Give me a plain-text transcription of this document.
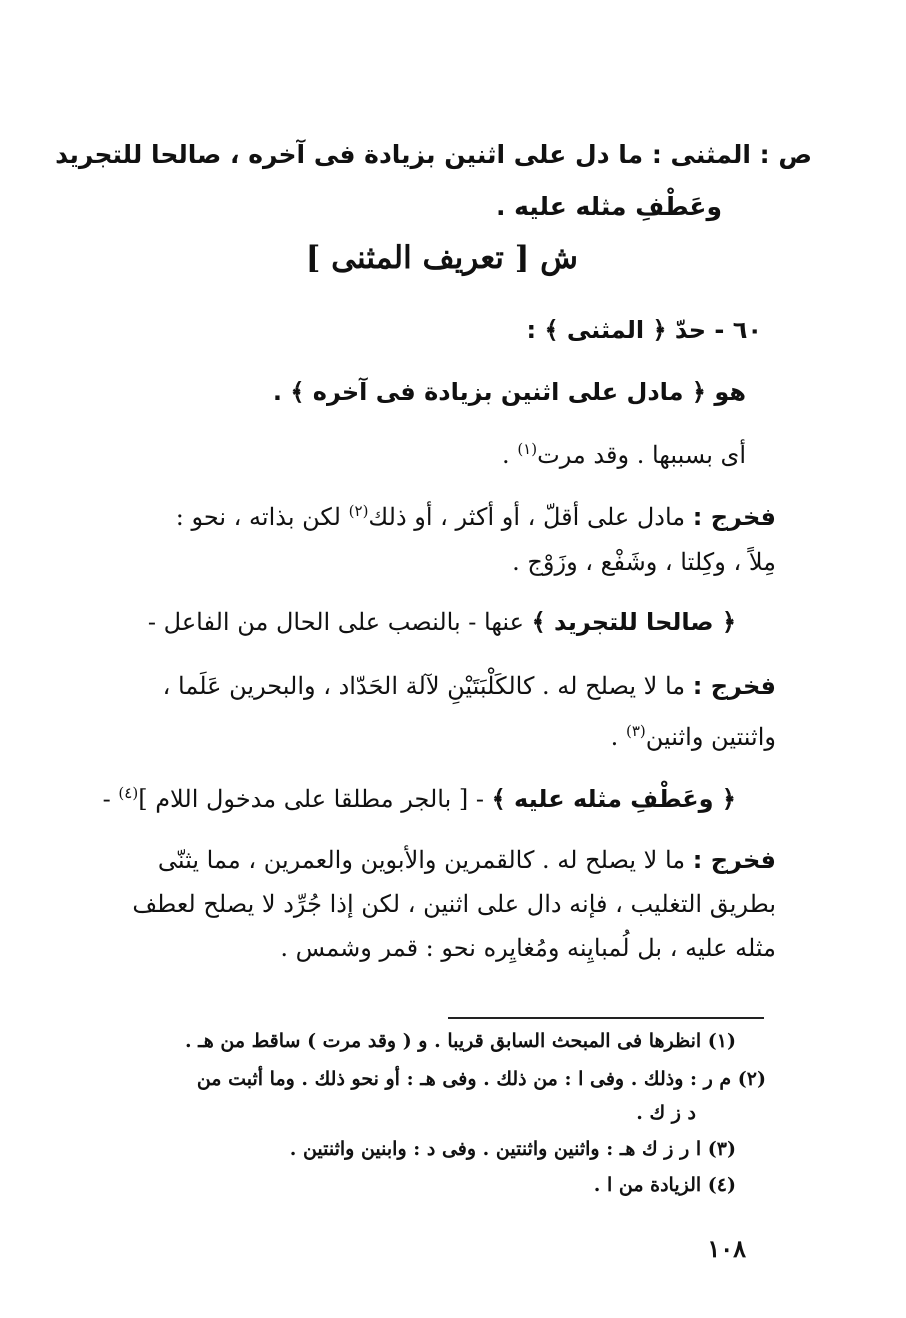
ص : المثنى : ما دل على اثنين بزيادة فى آخره ، صالحا للتجريد
وعَطْفِ مثله عليه .
ش [ تعريف المثنى ]
٦٠ - حدّ ﴿ المثنى ﴾ :
هو ﴿ مادل على اثنين بزيادة فى آخره ﴾ .
أى بسببها . وقد مرت$^{(١)}$ .
فخرج : مادل على أقلّ ، أو أكثر ، أو ذلك$^{(٢)}$ لكن بذاته ، نحو :
مِلاً ، وكِلتا ، وشَفْع ، وزَوْج .
﴿ صالحا للتجريد ﴾ عنها - بالنصب على الحال من الفاعل -
فخرج : ما لا يصلح له . كالكَلْبَتَيْنِ لآلة الحَدّاد ، والبحرين عَلَما ،
واثنتين واثنين$^{(٣)}$ .
﴿ وعَطْفِ مثله عليه ﴾ - [ بالجر مطلقا على مدخول اللام ]$^{(٤)}$ -
فخرج : ما لا يصلح له . كالقمرين والأبوين والعمرين ، مما يثنّى
بطريق التغليب ، فإنه دال على اثنين ، لكن إذا جُرِّد لا يصلح لعطف
مثله عليه ، بل لُمبايِنه ومُغايِره نحو : قمر وشمس .
(١) انظرها فى المبحث السابق قريبا . و ( وقد مرت ) ساقط من هـ .
(٢) م ر : وذلك . وفى ا : من ذلك . وفى هـ : أو نحو ذلك . وما أثبت من
د ز ك .
(٣) ا ر ز ك هـ : واثنين واثنتين . وفى د : وابنين واثنتين .
(٤) الزيادة من ا .
١٠٨
